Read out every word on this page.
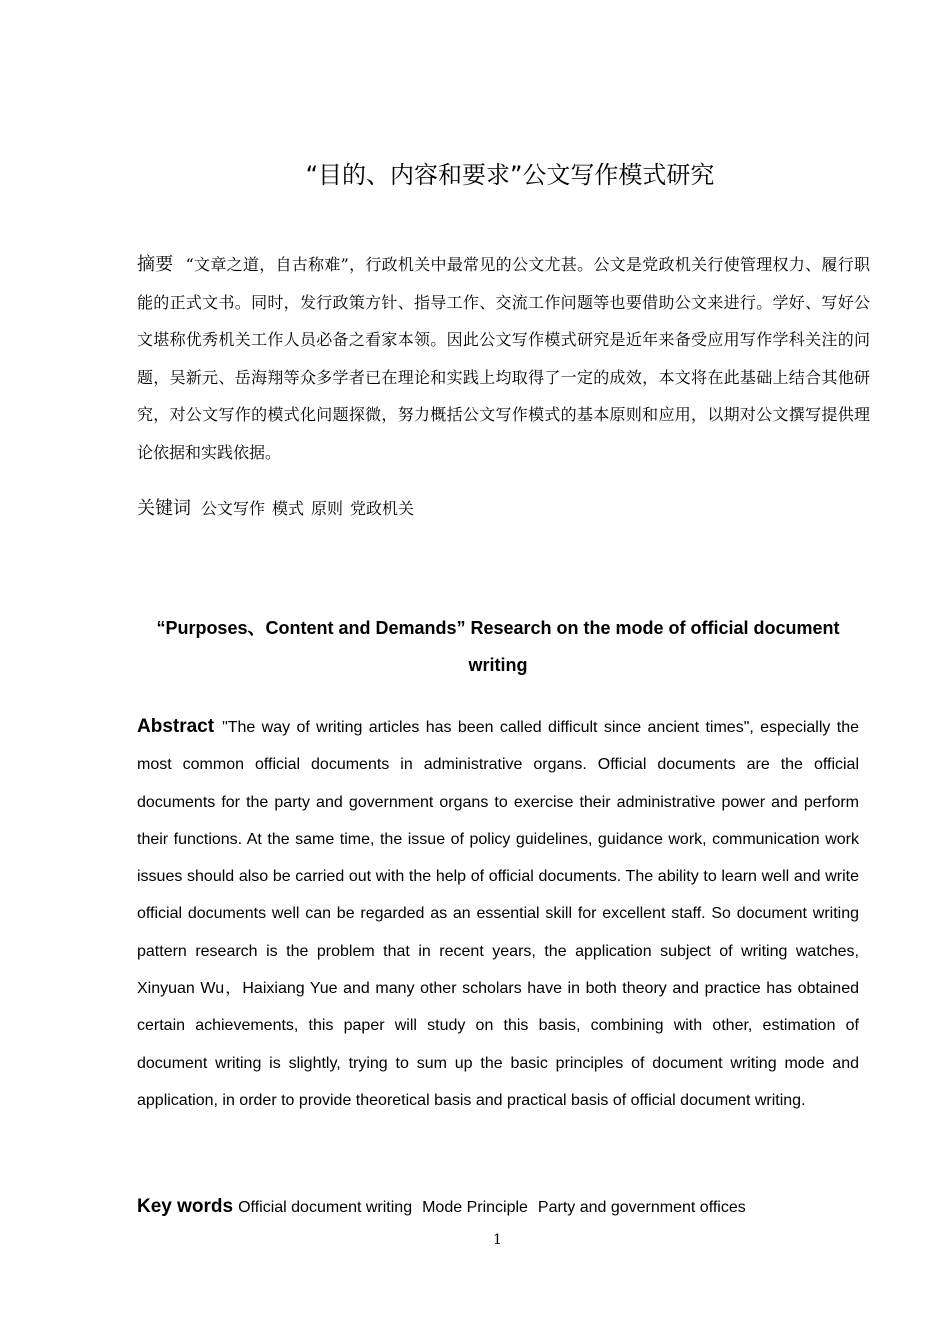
“目的、内容和要求”公文写作模式研究

摘要 “文章之道，自古称难”，行政机关中最常见的公文尤甚。公文是党政机关行使管理权力、履行职能的正式文书。同时，发行政策方针、指导工作、交流工作问题等也要借助公文来进行。学好、写好公文堪称优秀机关工作人员必备之看家本领。因此公文写作模式研究是近年来备受应用写作学科关注的问题，吴新元、岳海翔等众多学者已在理论和实践上均取得了一定的成效，本文将在此基础上结合其他研究，对公文写作的模式化问题探微，努力概括公文写作模式的基本原则和应用，以期对公文撰写提供理论依据和实践依据。

关键词 公文写作 模式 原则 党政机关

“Purposes、Content and Demands” Research on the mode of official document writing

Abstract "The way of writing articles has been called difficult since ancient times", especially the most common official documents in administrative organs. Official documents are the official documents for the party and government organs to exercise their administrative power and perform their functions. At the same time, the issue of policy guidelines, guidance work, communication work issues should also be carried out with the help of official documents. The ability to learn well and write official documents well can be regarded as an essential skill for excellent staff. So document writing pattern research is the problem that in recent years, the application subject of writing watches, Xinyuan Wu，Haixiang Yue and many other scholars have in both theory and practice has obtained certain achievements, this paper will study on this basis, combining with other, estimation of document writing is slightly, trying to sum up the basic principles of document writing mode and application, in order to provide theoretical basis and practical basis of official document writing.

Key words Official document writing Mode Principle Party and government offices
1
